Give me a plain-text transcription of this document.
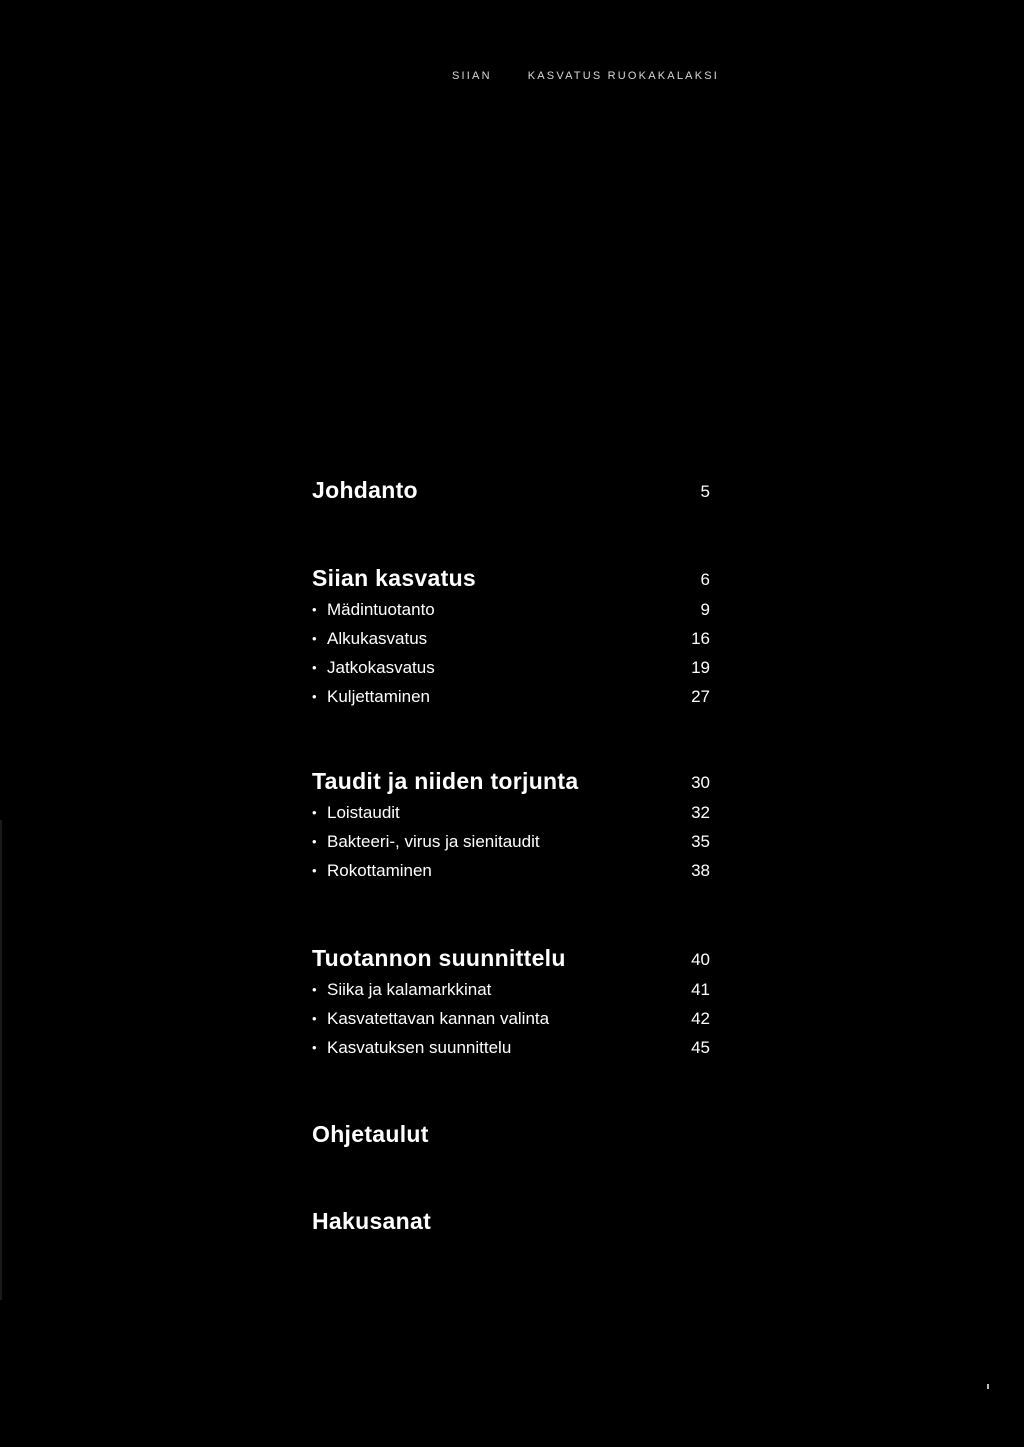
SIIAN	KASVATUS RUOKAKALAKSI
Johdanto	5
Siian kasvatus	6
• Mädintuotanto	9
• Alkukasvatus	16
• Jatkokasvatus	19
• Kuljettaminen	27
Taudit ja niiden torjunta	30
• Loistaudit	32
• Bakteeri-, virus ja sienitaudit	35
• Rokottaminen	38
Tuotannon suunnittelu	40
• Siika ja kalamarkkinat	41
• Kasvatettavan kannan valinta	42
• Kasvatuksen suunnittelu	45
Ohjetaulut
Hakusanat
